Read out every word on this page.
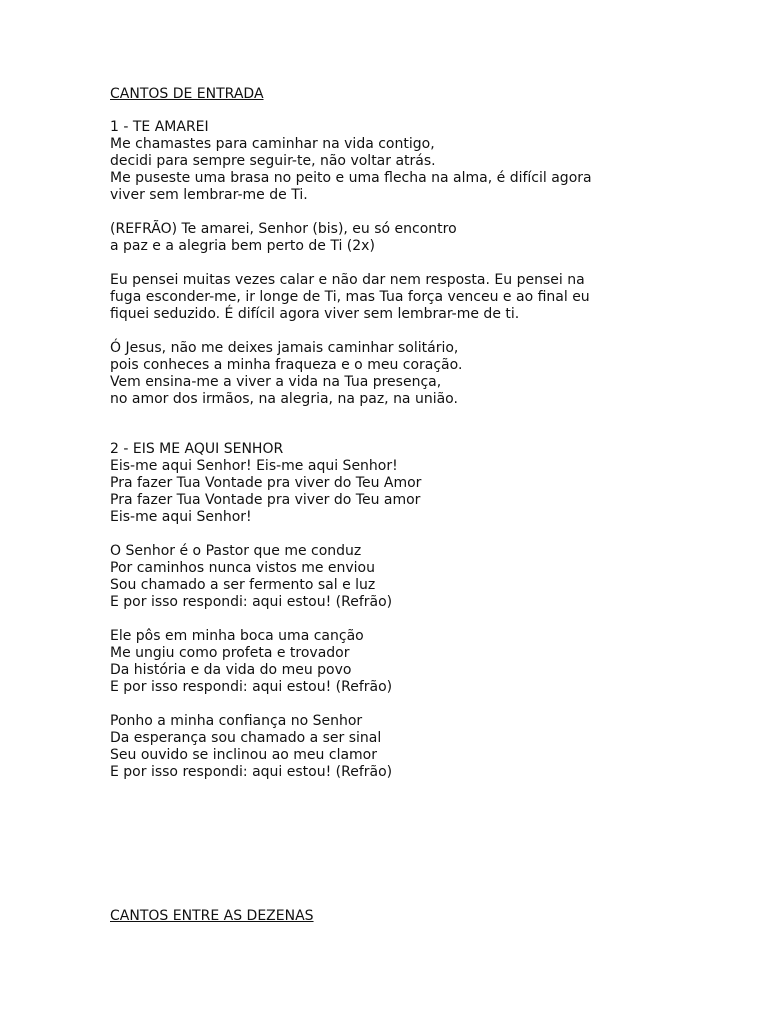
CANTOS DE ENTRADA
1 - TE AMAREI
Me chamastes para caminhar na vida contigo,
decidi para sempre seguir-te, não voltar atrás.
Me puseste uma brasa no peito e uma flecha na alma, é difícil agora
viver sem lembrar-me de Ti.
(REFRÃO) Te amarei, Senhor (bis), eu só encontro
a paz e a alegria bem perto de Ti (2x)
Eu pensei muitas vezes calar e não dar nem resposta. Eu pensei na
fuga esconder-me, ir longe de Ti, mas Tua força venceu e ao final eu
fiquei seduzido. É difícil agora viver sem lembrar-me de ti.
Ó Jesus, não me deixes jamais caminhar solitário,
pois conheces a minha fraqueza e o meu coração.
Vem ensina-me a viver a vida na Tua presença,
no amor dos irmãos, na alegria, na paz, na união.
2 - EIS ME AQUI SENHOR
Eis-me aqui Senhor! Eis-me aqui Senhor!
Pra fazer Tua Vontade pra viver do Teu Amor
Pra fazer Tua Vontade pra viver do Teu amor
Eis-me aqui Senhor!
O Senhor é o Pastor que me conduz
Por caminhos nunca vistos me enviou
Sou chamado a ser fermento sal e luz
E por isso respondi: aqui estou! (Refrão)
Ele pôs em minha boca uma canção
Me ungiu como profeta e trovador
Da história e da vida do meu povo
E por isso respondi: aqui estou! (Refrão)
Ponho a minha confiança no Senhor
Da esperança sou chamado a ser sinal
Seu ouvido se inclinou ao meu clamor
E por isso respondi: aqui estou! (Refrão)
CANTOS ENTRE AS DEZENAS
